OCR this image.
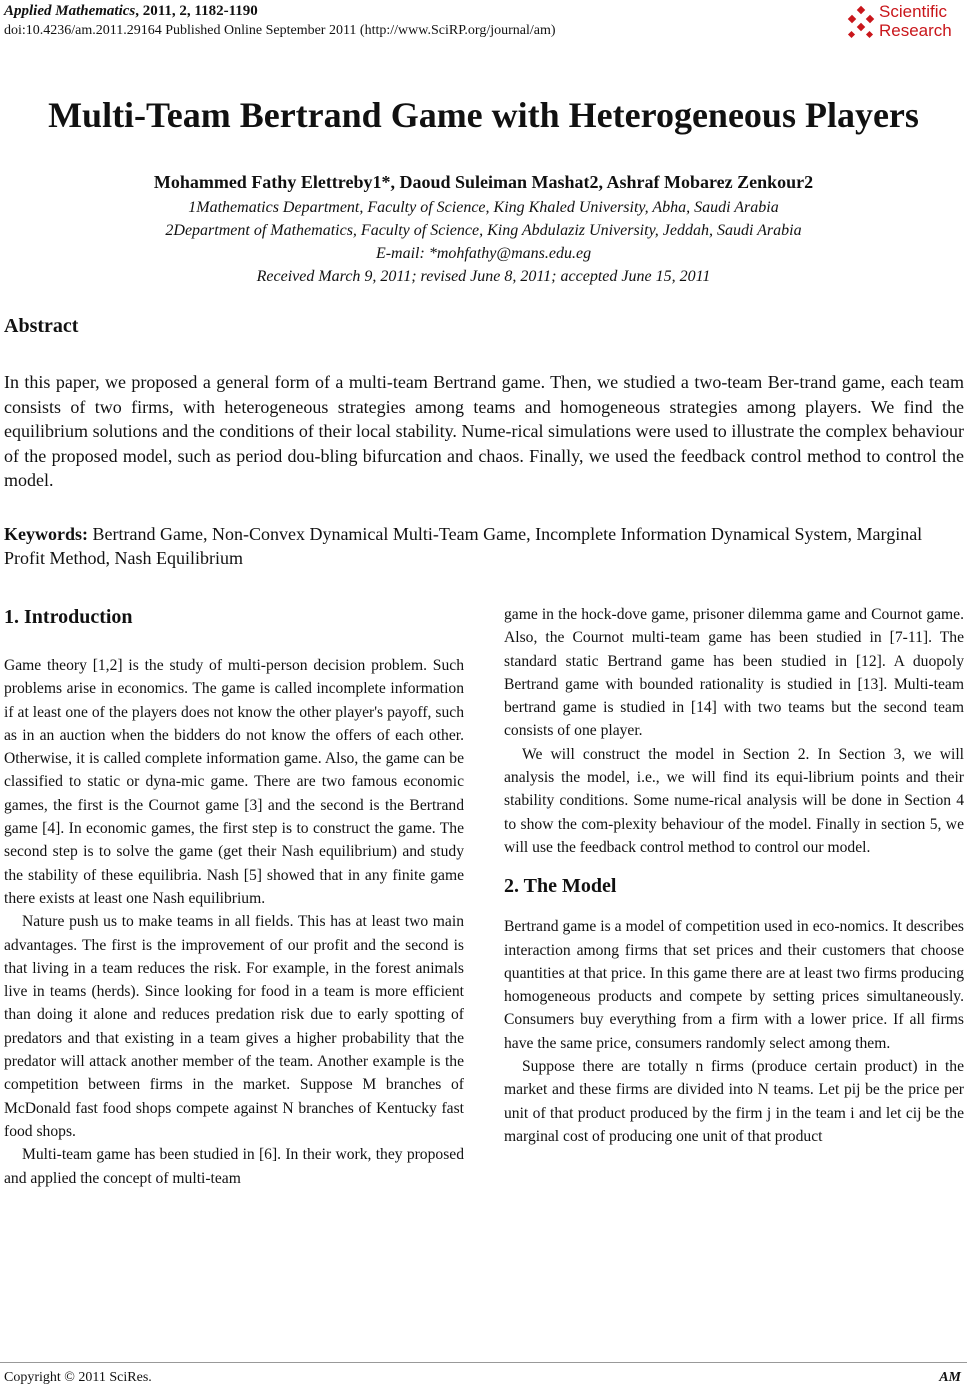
Applied Mathematics, 2011, 2, 1182-1190
doi:10.4236/am.2011.29164 Published Online September 2011 (http://www.SciRP.org/journal/am)
Scientific
Research
Multi-Team Bertrand Game with Heterogeneous Players
Mohammed Fathy Elettreby1*, Daoud Suleiman Mashat2, Ashraf Mobarez Zenkour2
1Mathematics Department, Faculty of Science, King Khaled University, Abha, Saudi Arabia
2Department of Mathematics, Faculty of Science, King Abdulaziz University, Jeddah, Saudi Arabia
E-mail: *mohfathy@mans.edu.eg
Received March 9, 2011; revised June 8, 2011; accepted June 15, 2011
Abstract
In this paper, we proposed a general form of a multi-team Bertrand game. Then, we studied a two-team Ber-trand game, each team consists of two firms, with heterogeneous strategies among teams and homogeneous strategies among players. We find the equilibrium solutions and the conditions of their local stability. Nume-rical simulations were used to illustrate the complex behaviour of the proposed model, such as period dou-bling bifurcation and chaos. Finally, we used the feedback control method to control the model.
Keywords: Bertrand Game, Non-Convex Dynamical Multi-Team Game, Incomplete Information Dynamical System, Marginal Profit Method, Nash Equilibrium
1. Introduction

Game theory [1,2] is the study of multi-person decision problem. Such problems arise in economics. The game is called incomplete information if at least one of the players does not know the other player's payoff, such as in an auction when the bidders do not know the offers of each other. Otherwise, it is called complete information game. Also, the game can be classified to static or dyna-mic game. There are two famous economic games, the first is the Cournot game [3] and the second is the Bertrand game [4]. In economic games, the first step is to construct the game. The second step is to solve the game (get their Nash equilibrium) and study the stability of these equilibria. Nash [5] showed that in any finite game there exists at least one Nash equilibrium.

Nature push us to make teams in all fields. This has at least two main advantages. The first is the improvement of our profit and the second is that living in a team reduces the risk. For example, in the forest animals live in teams (herds). Since looking for food in a team is more efficient than doing it alone and reduces predation risk due to early spotting of predators and that existing in a team gives a higher probability that the predator will attack another member of the team. Another example is the competition between firms in the market. Suppose M branches of McDonald fast food shops compete against N branches of Kentucky fast food shops.

Multi-team game has been studied in [6]. In their work, they proposed and applied the concept of multi-team

game in the hock-dove game, prisoner dilemma game and Cournot game. Also, the Cournot multi-team game has been studied in [7-11]. The standard static Bertrand game has been studied in [12]. A duopoly Bertrand game with bounded rationality is studied in [13]. Multi-team bertrand game is studied in [14] with two teams but the second team consists of one player.

We will construct the model in Section 2. In Section 3, we will analysis the model, i.e., we will find its equi-librium points and their stability conditions. Some nume-rical analysis will be done in Section 4 to show the com-plexity behaviour of the model. Finally in section 5, we will use the feedback control method to control our model.

2. The Model

Bertrand game is a model of competition used in eco-nomics. It describes interaction among firms that set prices and their customers that choose quantities at that price. In this game there are at least two firms producing homogeneous products and compete by setting prices simultaneously. Consumers buy everything from a firm with a lower price. If all firms have the same price, consumers randomly select among them.

Suppose there are totally n firms (produce certain product) in the market and these firms are divided into N teams. Let pij be the price per unit of that product produced by the firm j in the team i and let cij be the marginal cost of producing one unit of that product

Copyright © 2011 SciRes.	AM
